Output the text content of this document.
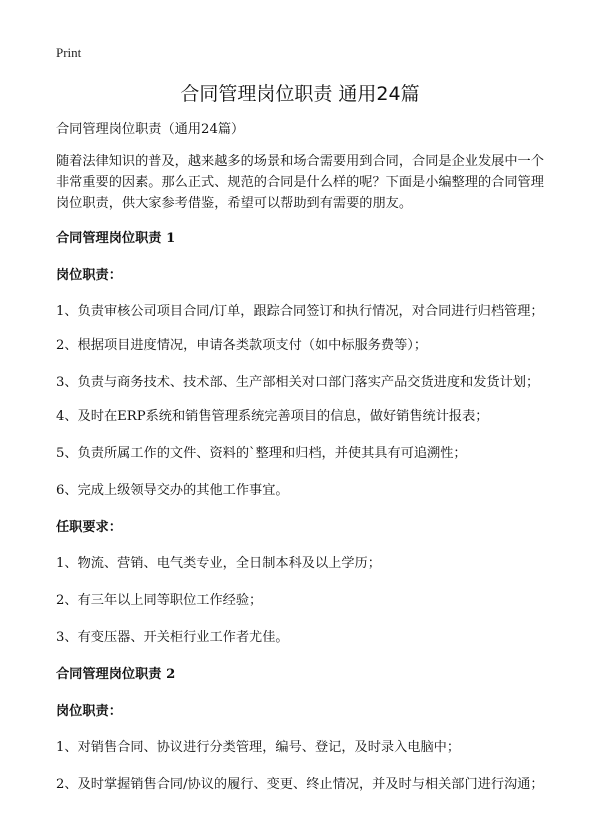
Print
合同管理岗位职责 通用24篇

合同管理岗位职责（通用24篇）

随着法律知识的普及，越来越多的场景和场合需要用到合同，合同是企业发展中一个非常重要的因素。那么正式、规范的合同是什么样的呢？下面是小编整理的合同管理岗位职责，供大家参考借鉴，希望可以帮助到有需要的朋友。

合同管理岗位职责 1

岗位职责：

1、负责审核公司项目合同/订单，跟踪合同签订和执行情况，对合同进行归档管理；

2、根据项目进度情况，申请各类款项支付（如中标服务费等）；

3、负责与商务技术、技术部、生产部相关对口部门落实产品交货进度和发货计划；

4、及时在ERP系统和销售管理系统完善项目的信息，做好销售统计报表；

5、负责所属工作的文件、资料的`整理和归档，并使其具有可追溯性；

6、完成上级领导交办的其他工作事宜。

任职要求：

1、物流、营销、电气类专业，全日制本科及以上学历；

2、有三年以上同等职位工作经验；

3、有变压器、开关柜行业工作者尤佳。

合同管理岗位职责 2

岗位职责：

1、对销售合同、协议进行分类管理，编号、登记，及时录入电脑中；

2、及时掌握销售合同/协议的履行、变更、终止情况，并及时与相关部门进行沟通；
